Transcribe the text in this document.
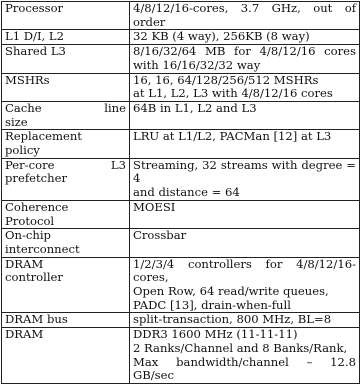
Processor	4/8/12/16-cores, 3.7 GHz, out of order

L1 D/I, L2	32 KB (4 way), 256KB (8 way)

Shared L3	8/16/32/64 MB for 4/8/12/16 cores
with 16/16/32/32 way

MSHRs	16, 16, 64/128/256/512 MSHRs
at L1, L2, L3 with 4/8/12/16 cores

Cache line
size	64B in L1, L2 and L3

Replacement
policy	LRU at L1/L2, PACMan [12] at L3

Per-core L3
prefetcher	Streaming, 32 streams with degree = 4
and distance = 64

Coherence
Protocol	MOESI

On-chip
interconnect	Crossbar

DRAM
controller	1/2/3/4 controllers for 4/8/12/16-
cores,
Open Row, 64 read/write queues,
PADC [13], drain-when-full

DRAM bus	split-transaction, 800 MHz, BL=8

DRAM	DDR3 1600 MHz (11-11-11)
2 Ranks/Channel and 8 Banks/Rank,
Max bandwidth/channel – 12.8 GB/sec
